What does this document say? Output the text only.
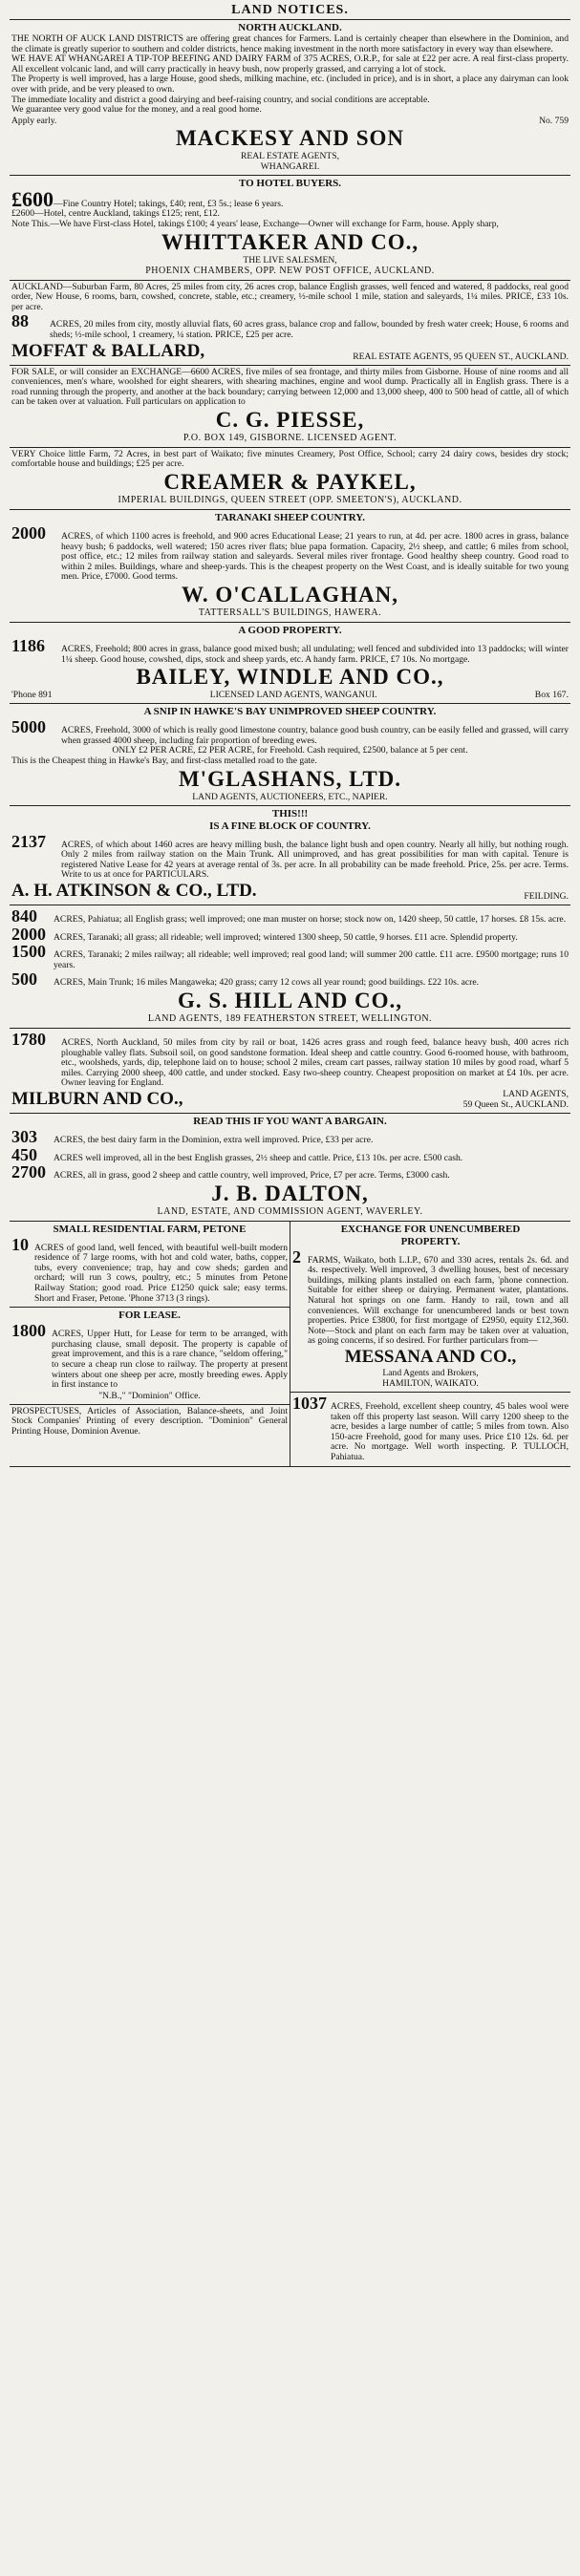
LAND NOTICES.
NORTH AUCKLAND.
THE NORTH OF AUCK LAND DISTRICTS are offering great chances for Farmers. Land is certainly cheaper than elsewhere in the Dominion, and the climate is greatly superior to southern and colder districts, hence making investment in the north more satisfactory in every way than elsewhere.
WE HAVE AT WHANGAREI A TIP-TOP BEEFING AND DAIRY FARM of 375 ACRES, O.R.P., for sale at £22 per acre. A real first-class property. All excellent volcanic land, and will carry practically in heavy bush, now properly grassed, and carrying a lot of stock.
The Property is well improved, has a large House, good sheds, milking machine, etc. (included in price), and is in short, a place any dairyman can look over with pride, and be very pleased to own.
The immediate locality and district a good dairying and beef-raising country, and social conditions are acceptable.
We guarantee very good value for the money, and a real good home.
Apply early.	No. 759
MACKESY AND SON
REAL ESTATE AGENTS,
WHANGAREI.
TO HOTEL BUYERS.
£600—Fine Country Hotel; takings, £40; rent, £3 5s.; lease 6 years.
£2600—Hotel, centre Auckland, takings £125; rent, £12.
Note This.—We have First-class Hotel, takings £100; 4 years' lease, Exchange—Owner will exchange for Farm, house. Apply sharp,
WHITTAKER AND CO.,
THE LIVE SALESMEN,
PHOENIX CHAMBERS, OPP. NEW POST OFFICE, AUCKLAND.
AUCKLAND—Suburban Farm, 80 Acres, 25 miles from city, 26 acres crop, balance English grasses, well fenced and watered, 8 paddocks, real good order, New House, 6 rooms, barn, cowshed, concrete, stable, etc.; creamery, ½-mile school 1 mile, station and saleyards, 1¼ miles. PRICE, £33 10s. per acre.
88	ACRES, 20 miles from city, mostly alluvial flats, 60 acres grass, balance crop and fallow, bounded by fresh water creek; House, 6 rooms and sheds; ½-mile school, 1 creamery, ¼ station. PRICE, £25 per acre.
MOFFAT & BALLARD,	REAL ESTATE AGENTS, 95 QUEEN ST., AUCKLAND.
FOR SALE, or will consider an EXCHANGE—6600 ACRES, five miles of sea frontage, and thirty miles from Gisborne. House of nine rooms and all conveniences, men's whare, woolshed for eight shearers, with shearing machines, engine and wool dump. Practically all in English grass. There is a road running through the property, and another at the back boundary; carrying between 12,000 and 13,000 sheep, 400 to 500 head of cattle, all of which can be taken over at valuation. Full particulars on application to
C. G. PIESSE,
P.O. BOX 149, GISBORNE. LICENSED AGENT.
VERY Choice little Farm, 72 Acres, in best part of Waikato; five minutes Creamery, Post Office, School; carry 24 dairy cows, besides dry stock; comfortable house and buildings; £25 per acre.
CREAMER & PAYKEL,
IMPERIAL BUILDINGS, QUEEN STREET (OPP. SMEETON'S), AUCKLAND.
TARANAKI SHEEP COUNTRY.
2000	ACRES, of which 1100 acres is freehold, and 900 acres Educational Lease; 21 years to run, at 4d. per acre. 1800 acres in grass, balance heavy bush; 6 paddocks, well watered; 150 acres river flats; blue papa formation. Capacity, 2½ sheep, and cattle; 6 miles from school, post office, etc.; 12 miles from railway station and saleyards. Several miles river frontage. Good healthy sheep country. Good road to within 2 miles. Buildings, whare and sheep-yards. This is the cheapest property on the West Coast, and is ideally suitable for two young men. Price, £7000. Good terms.
W. O'CALLAGHAN,
TATTERSALL'S BUILDINGS, HAWERA.
A GOOD PROPERTY.
1186	ACRES, Freehold; 800 acres in grass, balance good mixed bush; all undulating; well fenced and subdivided into 13 paddocks; will winter 1¼ sheep. Good house, cowshed, dips, stock and sheep yards, etc. A handy farm. PRICE, £7 10s. No mortgage.
BAILEY, WINDLE AND CO.,
'Phone 891	LICENSED LAND AGENTS, WANGANUI.	Box 167.
A SNIP IN HAWKE'S BAY UNIMPROVED SHEEP COUNTRY.
5000	ACRES, Freehold, 3000 of which is really good limestone country, balance good bush country, can be easily felled and grassed, will carry when grassed 4000 sheep, including fair proportion of breeding ewes.
ONLY £2 PER ACRE, £2 PER ACRE, for Freehold. Cash required, £2500, balance at 5 per cent.
This is the Cheapest thing in Hawke's Bay, and first-class metalled road to the gate.
M'GLASHANS, LTD.
LAND AGENTS, AUCTIONEERS, ETC., NAPIER.
THIS!!!
IS A FINE BLOCK OF COUNTRY.
2137	ACRES, of which about 1460 acres are heavy milling bush, the balance light bush and open country. Nearly all hilly, but nothing rough. Only 2 miles from railway station on the Main Trunk. All unimproved, and has great possibilities for man with capital. Tenure is registered Native Lease for 42 years at average rental of 3s. per acre. In all probability can be made freehold. Price, 25s. per acre. Terms. Write to us at once for PARTICULARS.
A. H. ATKINSON & CO., LTD.	FEILDING.
840	ACRES, Pahiatua; all English grass; well improved; one man muster on horse; stock now on, 1420 sheep, 50 cattle, 17 horses. £8 15s. acre.
2000 ACRES, Taranaki; all grass; all rideable; well improved; wintered 1300 sheep, 50 cattle, 9 horses. £11 acre. Splendid property.
1500 ACRES, Taranaki; 2 miles railway; all rideable; well improved; real good land; will summer 200 cattle. £11 acre. £9500 mortgage; runs 10 years.
500	ACRES, Main Trunk; 16 miles Mangaweka; 420 grass; carry 12 cows all year round; good buildings. £22 10s. acre.
G. S. HILL AND CO.,
LAND AGENTS, 189 FEATHERSTON STREET, WELLINGTON.
1780	ACRES, North Auckland, 50 miles from city by rail or boat, 1426 acres grass and rough feed, balance heavy bush, 400 acres rich ploughable valley flats. Subsoil soil, on good sandstone formation. Ideal sheep and cattle country. Good 6-roomed house, with bathroom, etc., woolsheds, yards, dip, telephone laid on to house; school 2 miles, cream cart passes, railway station 10 miles by good road, wharf 5 miles. Carrying 2000 sheep, 400 cattle, and under stocked. Easy two-sheep country. Cheapest proposition on market at £4 10s. per acre. Owner leaving for England.
MILBURN AND CO.,	LAND AGENTS,
59 Queen St., AUCKLAND.
READ THIS IF YOU WANT A BARGAIN.
303	ACRES, the best dairy farm in the Dominion, extra well improved. Price, £33 per acre.
450	ACRES well improved, all in the best English grasses, 2½ sheep and cattle. Price, £13 10s. per acre. £500 cash.
2700 ACRES, all in grass, good 2 sheep and cattle country, well improved, Price, £7 per acre. Terms, £3000 cash.
J. B. DALTON,
LAND, ESTATE, AND COMMISSION AGENT, WAVERLEY.
SMALL RESIDENTIAL FARM, PETONE
10 ACRES of good land, well fenced, with beautiful well-built modern residence of 7 large rooms, with hot and cold water, baths, copper, tubs, every convenience; trap, hay and cow sheds; garden and orchard; will run 3 cows, poultry, etc.; 5 minutes from Petone Railway Station; good road. Price £1250 quick sale; easy terms. Short and Fraser, Petone. 'Phone 3713 (3 rings).
FOR LEASE.
1800 ACRES, Upper Hutt, for Lease for term to be arranged, with purchasing clause, small deposit. The property is capable of great improvement, and this is a rare chance, "seldom offering," to secure a cheap run close to railway. The property at present winters about one sheep per acre, mostly breeding ewes. Apply in first instance to
"N.B.," "Dominion" Office.
PROSPECTUSES, Articles of Association, Balance-sheets, and Joint Stock Companies' Printing of every description. "Dominion" General Printing House, Dominion Avenue.
EXCHANGE FOR UNENCUMBERED
PROPERTY.
2 FARMS, Waikato, both L.I.P., 670 and 330 acres, rentals 2s. 6d. and 4s. respectively. Well improved, 3 dwelling houses, best of necessary buildings, milking plants installed on each farm, 'phone connection. Suitable for either sheep or dairying. Permanent water, plantations. Natural hot springs on one farm. Handy to rail, town and all conveniences. Will exchange for unencumbered lands or best town properties. Price £3800, for first mortgage of £2950, equity £12,360. Note—Stock and plant on each farm may be taken over at valuation, as going concerns, if so desired. For further particulars from—
MESSANA AND CO.,
Land Agents and Brokers,
HAMILTON, WAIKATO.
1037 ACRES, Freehold, excellent sheep country, 45 bales wool were taken off this property last season. Will carry 1200 sheep to the acre, besides a large number of cattle; 5 miles from town. Also 150-acre Freehold, good for many uses. Price £10 12s. 6d. per acre. No mortgage. Well worth inspecting. P. TULLOCH, Pahiatua.
